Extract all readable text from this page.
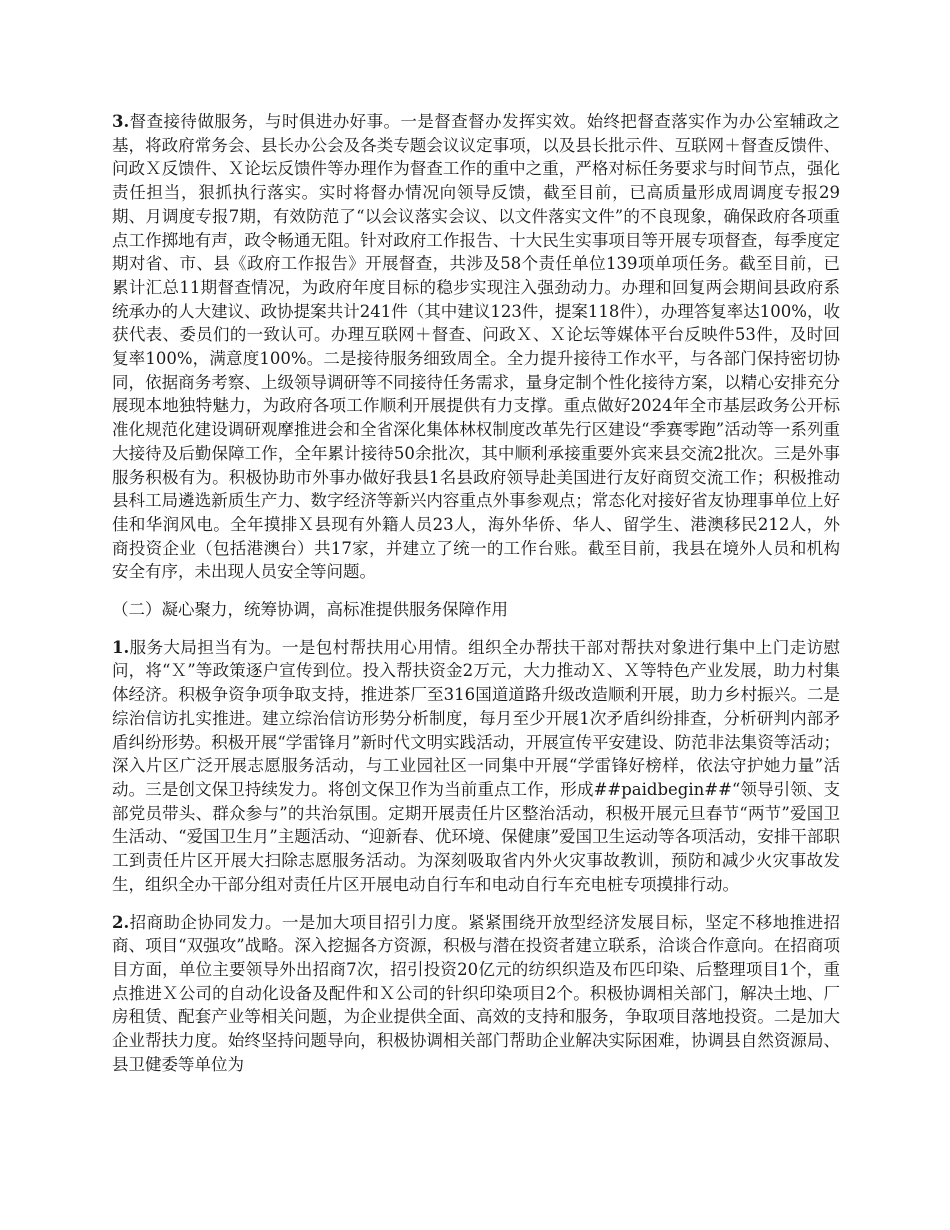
3.督查接待做服务，与时俱进办好事。一是督查督办发挥实效。始终把督查落实作为办公室辅政之基，将政府常务会、县长办公会及各类专题会议议定事项，以及县长批示件、互联网＋督查反馈件、问政Ｘ反馈件、Ｘ论坛反馈件等办理作为督查工作的重中之重，严格对标任务要求与时间节点，强化责任担当，狠抓执行落实。实时将督办情况向领导反馈，截至目前，已高质量形成周调度专报29期、月调度专报7期，有效防范了“以会议落实会议、以文件落实文件”的不良现象，确保政府各项重点工作掷地有声，政令畅通无阻。针对政府工作报告、十大民生实事项目等开展专项督查，每季度定期对省、市、县《政府工作报告》开展督查，共涉及58个责任单位139项单项任务。截至目前，已累计汇总11期督查情况，为政府年度目标的稳步实现注入强劲动力。办理和回复两会期间县政府系统承办的人大建议、政协提案共计241件（其中建议123件，提案118件），办理答复率达100%，收获代表、委员们的一致认可。办理互联网＋督查、问政Ｘ、Ｘ论坛等媒体平台反映件53件，及时回复率100%，满意度100%。二是接待服务细致周全。全力提升接待工作水平，与各部门保持密切协同，依据商务考察、上级领导调研等不同接待任务需求，量身定制个性化接待方案，以精心安排充分展现本地独特魅力，为政府各项工作顺利开展提供有力支撑。重点做好2024年全市基层政务公开标准化规范化建设调研观摩推进会和全省深化集体林权制度改革先行区建设“季赛零跑”活动等一系列重大接待及后勤保障工作，全年累计接待50余批次，其中顺利承接重要外宾来县交流2批次。三是外事服务积极有为。积极协助市外事办做好我县1名县政府领导赴美国进行友好商贸交流工作；积极推动县科工局遴选新质生产力、数字经济等新兴内容重点外事参观点；常态化对接好省友协理事单位上好佳和华润风电。全年摸排Ｘ县现有外籍人员23人，海外华侨、华人、留学生、港澳移民212人，外商投资企业（包括港澳台）共17家，并建立了统一的工作台账。截至目前，我县在境外人员和机构安全有序，未出现人员安全等问题。

（二）凝心聚力，统筹协调，高标准提供服务保障作用

1.服务大局担当有为。一是包村帮扶用心用情。组织全办帮扶干部对帮扶对象进行集中上门走访慰问，将“Ｘ”等政策逐户宣传到位。投入帮扶资金2万元，大力推动Ｘ、Ｘ等特色产业发展，助力村集体经济。积极争资争项争取支持，推进茶厂至316国道道路升级改造顺利开展，助力乡村振兴。二是综治信访扎实推进。建立综治信访形势分析制度，每月至少开展1次矛盾纠纷排查，分析研判内部矛盾纠纷形势。积极开展“学雷锋月”新时代文明实践活动，开展宣传平安建设、防范非法集资等活动；深入片区广泛开展志愿服务活动，与工业园社区一同集中开展“学雷锋好榜样，依法守护她力量”活动。三是创文保卫持续发力。将创文保卫作为当前重点工作，形成##paidbegin##“领导引领、支部党员带头、群众参与”的共治氛围。定期开展责任片区整治活动，积极开展元旦春节“两节”爱国卫生活动、“爱国卫生月”主题活动、“迎新春、优环境、保健康”爱国卫生运动等各项活动，安排干部职工到责任片区开展大扫除志愿服务活动。为深刻吸取省内外火灾事故教训，预防和减少火灾事故发生，组织全办干部分组对责任片区开展电动自行车和电动自行车充电桩专项摸排行动。

2.招商助企协同发力。一是加大项目招引力度。紧紧围绕开放型经济发展目标，坚定不移地推进招商、项目“双强攻”战略。深入挖掘各方资源，积极与潜在投资者建立联系，洽谈合作意向。在招商项目方面，单位主要领导外出招商7次，招引投资20亿元的纺织织造及布匹印染、后整理项目1个，重点推进Ｘ公司的自动化设备及配件和Ｘ公司的针织印染项目2个。积极协调相关部门，解决土地、厂房租赁、配套产业等相关问题，为企业提供全面、高效的支持和服务，争取项目落地投资。二是加大企业帮扶力度。始终坚持问题导向，积极协调相关部门帮助企业解决实际困难，协调县自然资源局、县卫健委等单位为
